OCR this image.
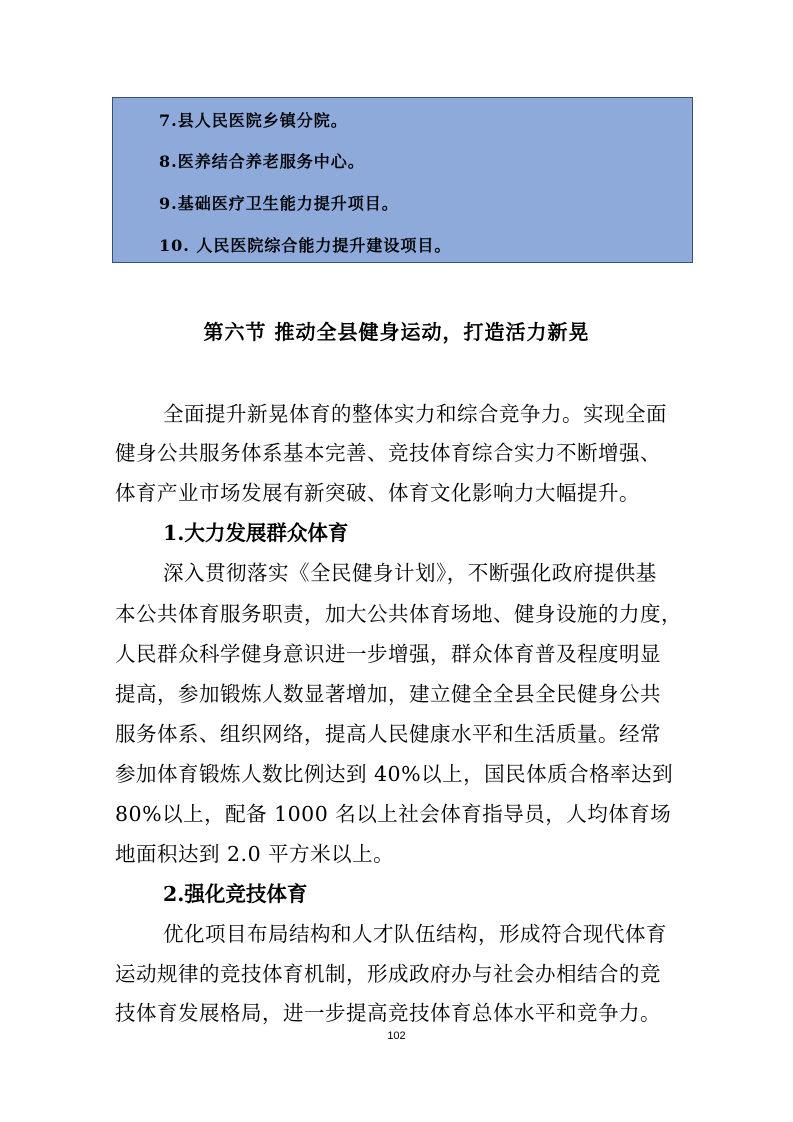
7.县人民医院乡镇分院。
8.医养结合养老服务中心。
9.基础医疗卫生能力提升项目。
10. 人民医院综合能力提升建设项目。
第六节 推动全县健身运动，打造活力新晃
全面提升新晃体育的整体实力和综合竞争力。实现全面
健身公共服务体系基本完善、竞技体育综合实力不断增强、
体育产业市场发展有新突破、体育文化影响力大幅提升。
1.大力发展群众体育
深入贯彻落实《全民健身计划》，不断强化政府提供基
本公共体育服务职责，加大公共体育场地、健身设施的力度，
人民群众科学健身意识进一步增强，群众体育普及程度明显
提高，参加锻炼人数显著增加，建立健全全县全民健身公共
服务体系、组织网络，提高人民健康水平和生活质量。经常
参加体育锻炼人数比例达到 40%以上，国民体质合格率达到
80%以上，配备 1000 名以上社会体育指导员，人均体育场
地面积达到 2.0 平方米以上。
2.强化竞技体育
优化项目布局结构和人才队伍结构，形成符合现代体育
运动规律的竞技体育机制，形成政府办与社会办相结合的竞
技体育发展格局，进一步提高竞技体育总体水平和竞争力。
102
